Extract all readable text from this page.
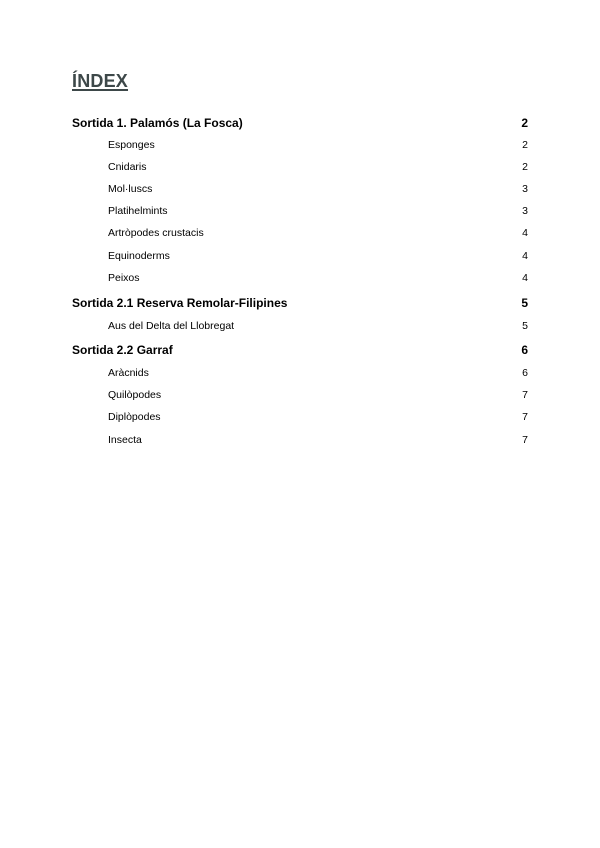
ÍNDEX
Sortida 1. Palamós (La Fosca)	2
Esponges	2
Cnidaris	2
Mol·luscs	3
Platihelmints	3
Artròpodes crustacis	4
Equinoderms	4
Peixos	4
Sortida 2.1 Reserva Remolar-Filipines	5
Aus del Delta del Llobregat	5
Sortida 2.2 Garraf	6
Aràcnids	6
Quilòpodes	7
Diplòpodes	7
Insecta	7
